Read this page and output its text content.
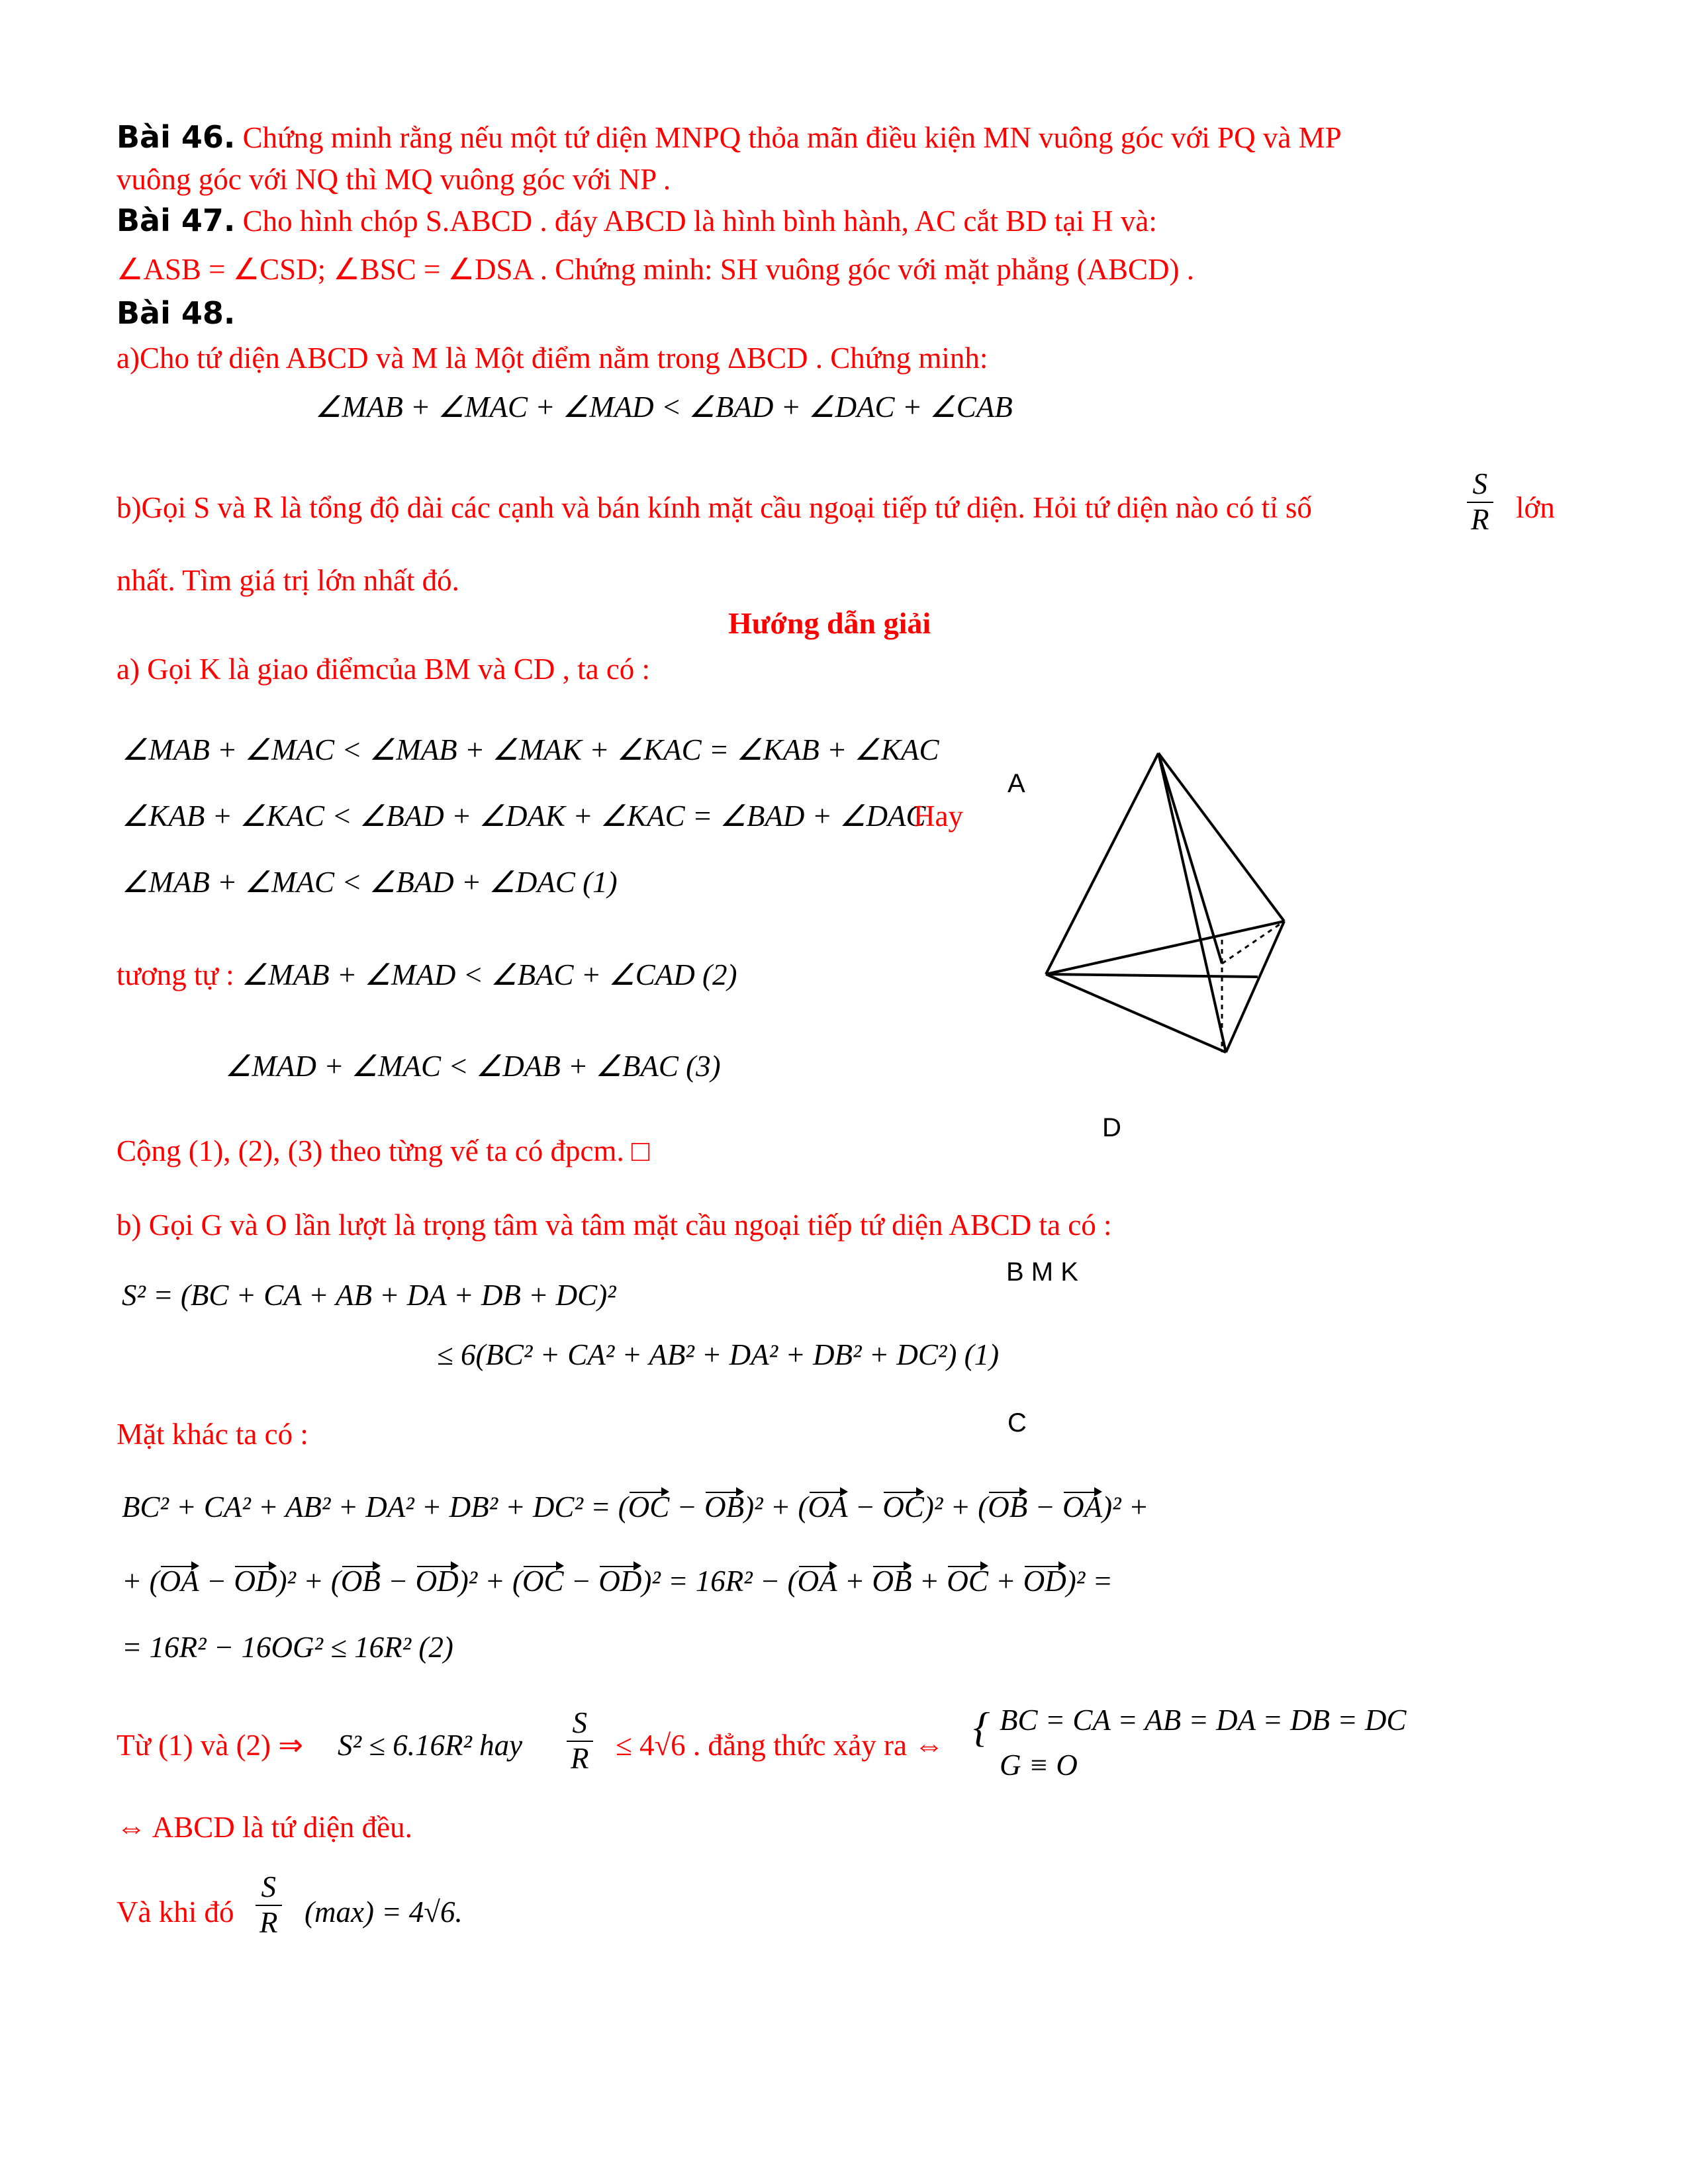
Bài 46. Chứng minh rằng nếu một tứ diện MNPQ thỏa mãn điều kiện MN vuông góc với PQ và MP
vuông góc với NQ thì MQ vuông góc với NP .
Bài 47. Cho hình chóp S.ABCD . đáy ABCD là hình bình hành, AC cắt BD tại H và:
∠ASB = ∠CSD; ∠BSC = ∠DSA . Chứng minh: SH vuông góc với mặt phẳng (ABCD) .
Bài 48.
a)Cho tứ diện ABCD và M là Một điểm nằm trong ΔBCD . Chứng minh:
∠MAB + ∠MAC + ∠MAD < ∠BAD + ∠DAC + ∠CAB
b)Gọi S và R là tổng độ dài các cạnh và bán kính mặt cầu ngoại tiếp tứ diện. Hỏi tứ diện nào có tỉ số	$\frac{S}{R}$ lớn
nhất. Tìm giá trị lớn nhất đó.
Hướng dẫn giải
a) Gọi K là giao điểmcủa BM và CD , ta có :
∠MAB + ∠MAC < ∠MAB + ∠MAK + ∠KAC = ∠KAB + ∠KAC
∠KAB + ∠KAC < ∠BAD + ∠DAK + ∠KAC = ∠BAD + ∠DAC
Hay
∠MAB + ∠MAC < ∠BAD + ∠DAC (1)
tương tự : ∠MAB + ∠MAD < ∠BAC + ∠CAD (2)
∠MAD + ∠MAC < ∠DAB + ∠BAC (3)
Cộng (1), (2), (3) theo từng vế ta có đpcm. □
b) Gọi G và O lần lượt là trọng tâm và tâm mặt cầu ngoại tiếp tứ diện ABCD ta có :
S² = (BC + CA + AB + DA + DB + DC)²
≤ 6(BC² + CA² + AB² + DA² + DB² + DC²) (1)
Mặt khác ta có :
BC² + CA² + AB² + DA² + DB² + DC² = (OC − OB)² + (OA − OC)² + (OB − OA)² +
+ (OA − OD)² + (OB − OD)² + (OC − OD)² = 16R² − (OA + OB + OC + OD)² =
= 16R² − 16OG² ≤ 16R² (2)
Từ (1) và (2) ⇒ S² ≤ 6.16R² hay $\frac{S}{R} \le 4√6$ . đẳng thức xảy ra ⇔ { BC = CA = AB = DA = DB = DC
G ≡ O
⇔ ABCD là tứ diện đều.
Và khi đó $\frac{S}{R} (\max) = 4√6$.
A
D
B M K
C
